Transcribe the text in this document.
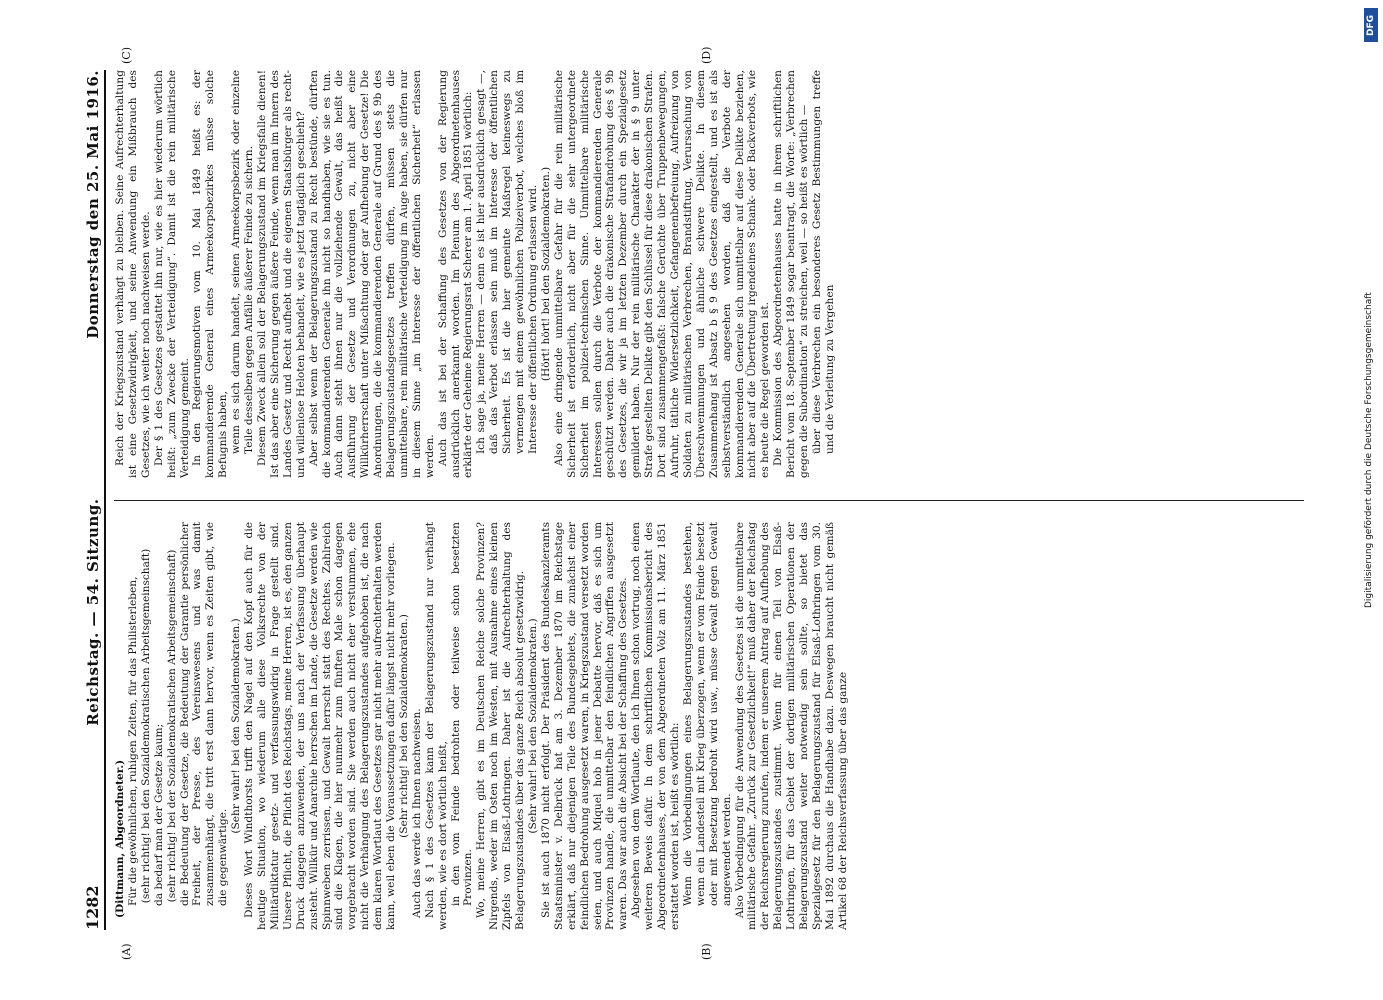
1282
Reichstag. — 54. Sitzung.
Donnerstag den 25. Mai 1916.
(A)	(B)
(C)	(D)

(Dittmann, Abgeordneter.) Für die gewöhnlichen, ruhigen Zeiten, für das Philisterleben, (sehr richtig! bei den Sozialdemokratischen Arbeitsgemeinschaft) da bedarf man der Gesetze kaum; (sehr richtig! bei der Sozialdemokratischen Arbeitsgemeinschaft) die Bedeutung der Gesetze, die Bedeutung der Garantie persönlicher Freiheit, der Presse, des Vereinswesens und was damit zusammenhängt, die tritt erst dann hervor, wenn es Zeiten gibt, wie die gegenwärtige.

(Sehr wahr! bei den Sozialdemokraten.) Dieses Wort Windthorsts trifft den Nagel auf den Kopf auch für die heutige Situation, wo wiederum alle diese Volksrechte von der Militärdiktatur gesetz- und verfassungswidrig in Frage gestellt sind. Unsere Pflicht, die Pflicht des Reichstags, meine Herren, ist es, den ganzen Druck dagegen anzuwenden, der uns nach der Verfassung überhaupt zusteht. Willkür und Anarchie herrschen im Lande, die Gesetze werden wie Spinnweben zerrissen, und Gewalt herrscht statt des Rechtes. Zahlreich sind die Klagen, die hier nunmehr zum fünften Male schon dagegen vorgebracht worden sind. Sie werden auch nicht eher verstummen, ehe nicht die Verhängung des Belagerungszustandes aufgehoben ist, die nach dem klaren Wortlaut des Gesetzes gar nicht mehr aufrechterhalten werden kann, weil eben die Voraussetzungen dafür längst nicht mehr vorliegen. (Sehr richtig! bei den Sozialdemokraten.) Auch das werde ich Ihnen nachweisen. Nach § 1 des Gesetzes kann der Belagerungszustand nur verhängt werden, wie es dort wörtlich heißt, in den vom Feinde bedrohten oder teilweise schon besetzten Provinzen. Wo, meine Herren, gibt es im Deutschen Reiche solche Provinzen? Nirgends, weder im Osten noch im Westen, mit Ausnahme eines kleinen Zipfels von Elsaß-Lothringen. Daher ist die Aufrechterhaltung des Belagerungszustandes über das ganze Reich absolut gesetzwidrig. (Sehr wahr! bei den Sozialdemokraten.) Sie ist auch 1870 nicht erfolgt. Der Präsident des Bundeskanzleramts Staatsminister v. Delbrück hat am 3. Dezember 1870 im Reichstage erklärt, daß nur diejenigen Teile des Bundesgebiets, die zunächst einer feindlichen Bedrohung ausgesetzt waren, in Kriegszustand versetzt worden seien, und auch Miquel hob in jener Debatte hervor, daß es sich um Provinzen handle, die unmittelbar den feindlichen Angriffen ausgesetzt waren. Das war auch die Absicht bei der Schaffung des Gesetzes. Abgesehen von dem Wortlaute, den ich Ihnen schon vortrug, noch einen weiteren Beweis dafür. In dem schriftlichen Kommissionsbericht des Abgeordnetenhauses, der von dem Abgeordneten Volz am 11. März 1851 erstattet worden ist, heißt es wörtlich: Wenn die Vorbedingungen eines Belagerungszustandes bestehen, wenn ein Landesteil mit Krieg überzogen, wenn er vom Feinde besetzt oder mit Besetzung bedroht wird usw., müsse Gewalt gegen Gewalt angewendet werden. Also Vorbedingung für die Anwendung des Gesetzes ist die unmittelbare militärische Gefahr. „Zurück zur Gesetzlichkeit!“ muß daher der Reichstag der Reichsregierung zurufen, indem er unserem Antrag auf Aufhebung des Belagerungszustandes zustimmt. Wenn für einen Teil von Elsaß-Lothringen, für das Gebiet der dortigen militärischen Operationen der Belagerungszustand weiter notwendig sein sollte, so bietet das Spezialgesetz für den Belagerungszustand für Elsaß-Lothringen vom 30. Mai 1892 durchaus die Handhabe dazu. Deswegen braucht nicht gemäß Artikel 68 der Reichsverfassung über das ganze

Reich der Kriegszustand verhängt zu bleiben. Seine Aufrechterhaltung ist eine Gesetzwidrigkeit, und seine Anwendung ein Mißbrauch des Gesetzes, wie ich weiter noch nachweisen werde. Der § 1 des Gesetzes gestattet ihn nur, wie es hier wiederum wörtlich heißt: „zum Zwecke der Verteidigung“. Damit ist die rein militärische Verteidigung gemeint. In den Regierungsmotiven vom 10. Mai 1849 heißt es: der kommandierende General eines Armeekorpsbezirkes müsse solche Befugnis haben, wenn es sich darum handelt, seinen Armeekorpsbezirk oder einzelne Teile desselben gegen Anfälle äußerer Feinde zu sichern. Diesem Zweck allein soll der Belagerungszustand im Kriegsfalle dienen! Ist das aber eine Sicherung gegen äußere Feinde, wenn man im Innern des Landes Gesetz und Recht aufhebt und die eigenen Staatsbürger als recht- und willenlose Heloten behandelt, wie es jetzt tagtäglich geschieht? Aber selbst wenn der Belagerungszustand zu Recht bestünde, dürften die kommandierenden Generale ihn nicht so handhaben, wie sie es tun. Auch dann steht ihnen nur die vollziehende Gewalt, das heißt die Ausführung der Gesetze und Verordnungen zu, nicht aber eine Willkürherrschaft unter Mißachtung oder gar Aufhebung der Gesetze! Die Anordnungen, die die kommandierenden Generale auf Grund des § 9b des Belagerungszustandsgesetzes treffen dürfen, müssen stets die unmittelbare, rein militärische Verteidigung im Auge haben, sie dürfen nur in diesem Sinne „im Interesse der öffentlichen Sicherheit“ erlassen werden. Auch das ist bei der Schaffung des Gesetzes von der Regierung ausdrücklich anerkannt worden. Im Plenum des Abgeordnetenhauses erklärte der Geheime Regierungsrat Scherer am 1. April 1851 wörtlich: Ich sage ja, meine Herren — denn es ist hier ausdrücklich gesagt —, daß das Verbot erlassen sein muß im Interesse der öffentlichen Sicherheit. Es ist die hier gemeinte Maßregel keineswegs zu vermengen mit einem gewöhnlichen Polizeiverbot, welches bloß im Interesse der öffentlichen Ordnung erlassen wird. (Hört! hört! bei den Sozialdemokraten.) Also eine dringende unmittelbare Gefahr für die rein militärische Sicherheit ist erforderlich, nicht aber für die sehr untergeordnete Sicherheit im polizei-technischen Sinne. Unmittelbare militärische Interessen sollen durch die Verbote der kommandierenden Generale geschützt werden. Daher auch die drakonische Strafandrohung des § 9b des Gesetzes, die wir ja im letzten Dezember durch ein Spezialgesetz gemildert haben. Nur der rein militärische Charakter der in § 9 unter Strafe gestellten Delikte gibt den Schlüssel für diese drakonischen Strafen. Dort sind zusammengefaßt: falsche Gerüchte über Truppenbewegungen, Aufruhr, tätliche Widersetzlichkeit, Gefangenenbefreiung, Aufreizung von Soldaten zu militärischen Verbrechen, Brandstiftung, Verursachung von Überschwemmungen und ähnliche schwere Delikte. In diesem Zusammenhang ist Absatz b § 9 des Gesetzes eingestellt, und es ist als selbstverständlich angesehen worden, daß die Verbote der kommandierenden Generale sich unmittelbar auf diese Delikte beziehen, nicht aber auf die Übertretung irgendeines Schank- oder Backverbots, wie es heute die Regel geworden ist. Die Kommission des Abgeordnetenhauses hatte in ihrem schriftlichen Bericht vom 18. September 1849 sogar beantragt, die Worte: „Verbrechen gegen die Subordination“ zu streichen, weil — so heißt es wörtlich — über diese Verbrechen ein besonderes Gesetz Bestimmungen treffe und die Verleitung zu Vergehen

DFG
Digitalisierung gefördert durch die Deutsche Forschungsgemeinschaft
